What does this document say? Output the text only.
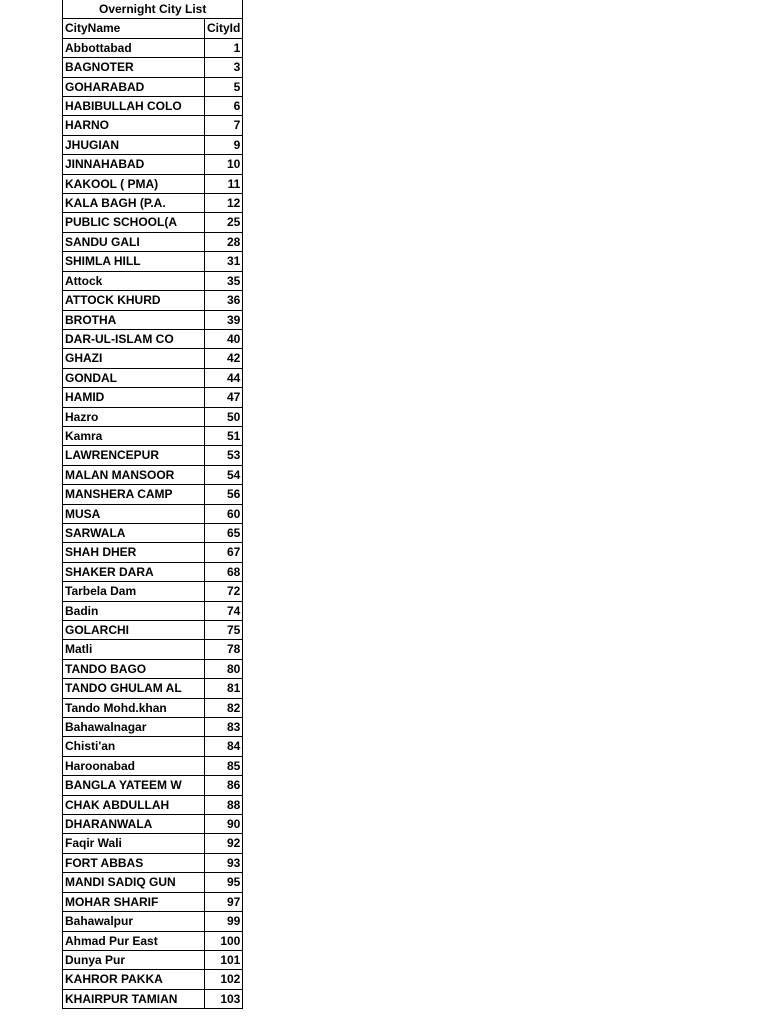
Overnight City List	
CityName	CityId
Abbottabad	1
BAGNOTER	3
GOHARABAD	5
HABIBULLAH COLO	6
HARNO	7
JHUGIAN	9
JINNAHABAD	10
KAKOOL ( PMA)	11
KALA BAGH (P.A.	12
PUBLIC SCHOOL(A	25
SANDU GALI	28
SHIMLA HILL	31
Attock	35
ATTOCK KHURD	36
BROTHA	39
DAR-UL-ISLAM CO	40
GHAZI	42
GONDAL	44
HAMID	47
Hazro	50
Kamra	51
LAWRENCEPUR	53
MALAN MANSOOR	54
MANSHERA CAMP	56
MUSA	60
SARWALA	65
SHAH DHER	67
SHAKER DARA	68
Tarbela Dam	72
Badin	74
GOLARCHI	75
Matli	78
TANDO BAGO	80
TANDO GHULAM AL	81
Tando Mohd.khan	82
Bahawalnagar	83
Chisti'an	84
Haroonabad	85
BANGLA YATEEM W	86
CHAK ABDULLAH	88
DHARANWALA	90
Faqir Wali	92
FORT ABBAS	93
MANDI SADIQ GUN	95
MOHAR SHARIF	97
Bahawalpur	99
Ahmad Pur East	100
Dunya Pur	101
KAHROR PAKKA	102
KHAIRPUR TAMIAN	103
